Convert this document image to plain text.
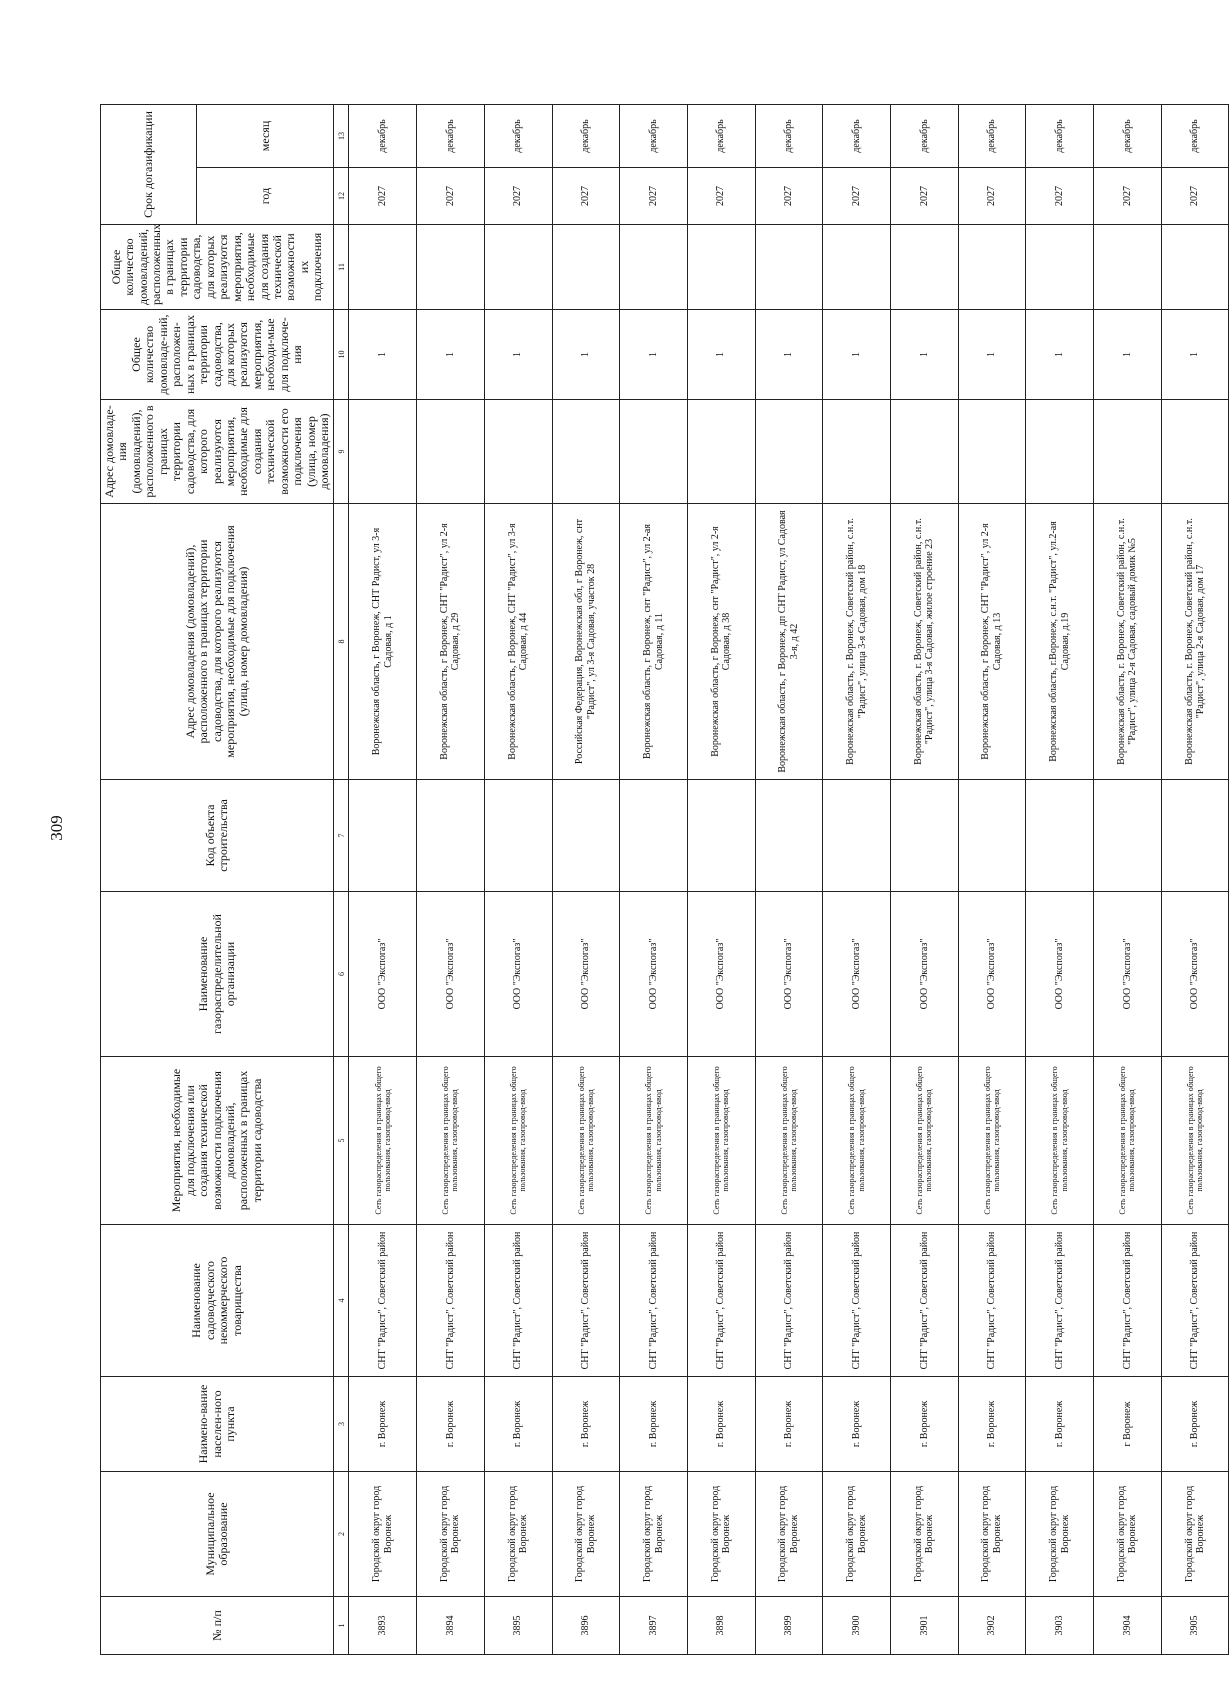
309
№ п/п	Муниципальное образование	Наимено-вание населен-ного пункта	Наименование садоводческого некоммерческого товарищества	Мероприятия, необходимые для подключения или создания технической возможности подключения домовладений, расположенных в границах территории садоводства	Наименование газораспределительной организации	Код объекта строительства	Адрес домовладения (домовладений), расположенного в границах территории садоводства, для которого реализуются мероприятия, необходимые для подключения (улица, номер домовладения)	Адрес домовладе-ния (домовладений), расположенного в границах территории садоводства, для которого реализуются мероприятия, необходимые для создания технической возможности его подключения (улица, номер домовладения)	Общее количество домовладе-ний, расположен-ных в границах территории садоводства, для которых реализуются мероприятия, необходи-мые для подключе-ния	Общее количество домовладений, расположенных в границах территории садоводства, для которых реализуются мероприятия, необходимые для создания технической возможности их подключения	Срок догазификации	
											год	месяц
1	2	3	4	5	6	7	8	9	10	11	12	13
3893	Городской округ город Воронеж	г. Воронеж	СНТ "Радист", Советский район	Сеть газораспределения в границах общего пользования, газопровод-ввод	ООО "Экспогаз"		Воронежская область, г Воронеж, СНТ Радист, ул 3-я Садовая, д 1		1		2027	декабрь
3894	Городской округ город Воронеж	г. Воронеж	СНТ "Радист", Советский район	Сеть газораспределения в границах общего пользования, газопровод-ввод	ООО "Экспогаз"		Воронежская область, г Воронеж, СНТ "Радист", ул 2-я Садовая, д 29		1		2027	декабрь
3895	Городской округ город Воронеж	г. Воронеж	СНТ "Радист", Советский район	Сеть газораспределения в границах общего пользования, газопровод-ввод	ООО "Экспогаз"		Воронежская область, г Воронеж, СНТ "Радист", ул 3-я Садовая, д 44		1		2027	декабрь
3896	Городской округ город Воронеж	г. Воронеж	СНТ "Радист", Советский район	Сеть газораспределения в границах общего пользования, газопровод-ввод	ООО "Экспогаз"		Российская Федерация, Воронежская обл, г Воронеж, снт "Радист", ул 3-я Садовая, участок 28		1		2027	декабрь
3897	Городской округ город Воронеж	г. Воронеж	СНТ "Радист", Советский район	Сеть газораспределения в границах общего пользования, газопровод-ввод	ООО "Экспогаз"		Воронежская область, г Воронеж, снт "Радист", ул 2-ая Садовая, д 11		1		2027	декабрь
3898	Городской округ город Воронеж	г. Воронеж	СНТ "Радист", Советский район	Сеть газораспределения в границах общего пользования, газопровод-ввод	ООО "Экспогаз"		Воронежская область, г Воронеж, снт "Радист", ул 2-я Садовая, д 38		1		2027	декабрь
3899	Городской округ город Воронеж	г. Воронеж	СНТ "Радист", Советский район	Сеть газораспределения в границах общего пользования, газопровод-ввод	ООО "Экспогаз"		Воронежская область, г Воронеж, дп СНТ Радист, ул Садовая 3-я, д 42		1		2027	декабрь
3900	Городской округ город Воронеж	г. Воронеж	СНТ "Радист", Советский район	Сеть газораспределения в границах общего пользования, газопровод-ввод	ООО "Экспогаз"		Воронежская область, г. Воронеж, Советский район, с.н.т. "Радист", улица 3-я Садовая, дом 18		1		2027	декабрь
3901	Городской округ город Воронеж	г. Воронеж	СНТ "Радист", Советский район	Сеть газораспределения в границах общего пользования, газопровод-ввод	ООО "Экспогаз"		Воронежская область, г. Воронеж, Советский район, с.н.т. "Радист", улица 3-я Садовая, жилое строение 23		1		2027	декабрь
3902	Городской округ город Воронеж	г. Воронеж	СНТ "Радист", Советский район	Сеть газораспределения в границах общего пользования, газопровод-ввод	ООО "Экспогаз"		Воронежская область, г Воронеж, СНТ "Радист", ул 2-я Садовая, д 13		1		2027	декабрь
3903	Городской округ город Воронеж	г. Воронеж	СНТ "Радист", Советский район	Сеть газораспределения в границах общего пользования, газопровод-ввод	ООО "Экспогаз"		Воронежская область, г.Воронеж, с.н.т. "Радист", ул.2-ая Садовая, д.19		1		2027	декабрь
3904	Городской округ город Воронеж	г Воронеж	СНТ "Радист", Советский район	Сеть газораспределения в границах общего пользования, газопровод-ввод	ООО "Экспогаз"		Воронежская область, г. Воронеж, Советский район, с.н.т. "Радист", улица 2-я Садовая, садовый домик №5		1		2027	декабрь
3905	Городской округ город Воронеж	г. Воронеж	СНТ "Радист", Советский район	Сеть газораспределения в границах общего пользования, газопровод-ввод	ООО "Экспогаз"		Воронежская область, г. Воронеж, Советский район, с.н.т. "Радист", улица 2-я Садовая, дом 17		1		2027	декабрь
